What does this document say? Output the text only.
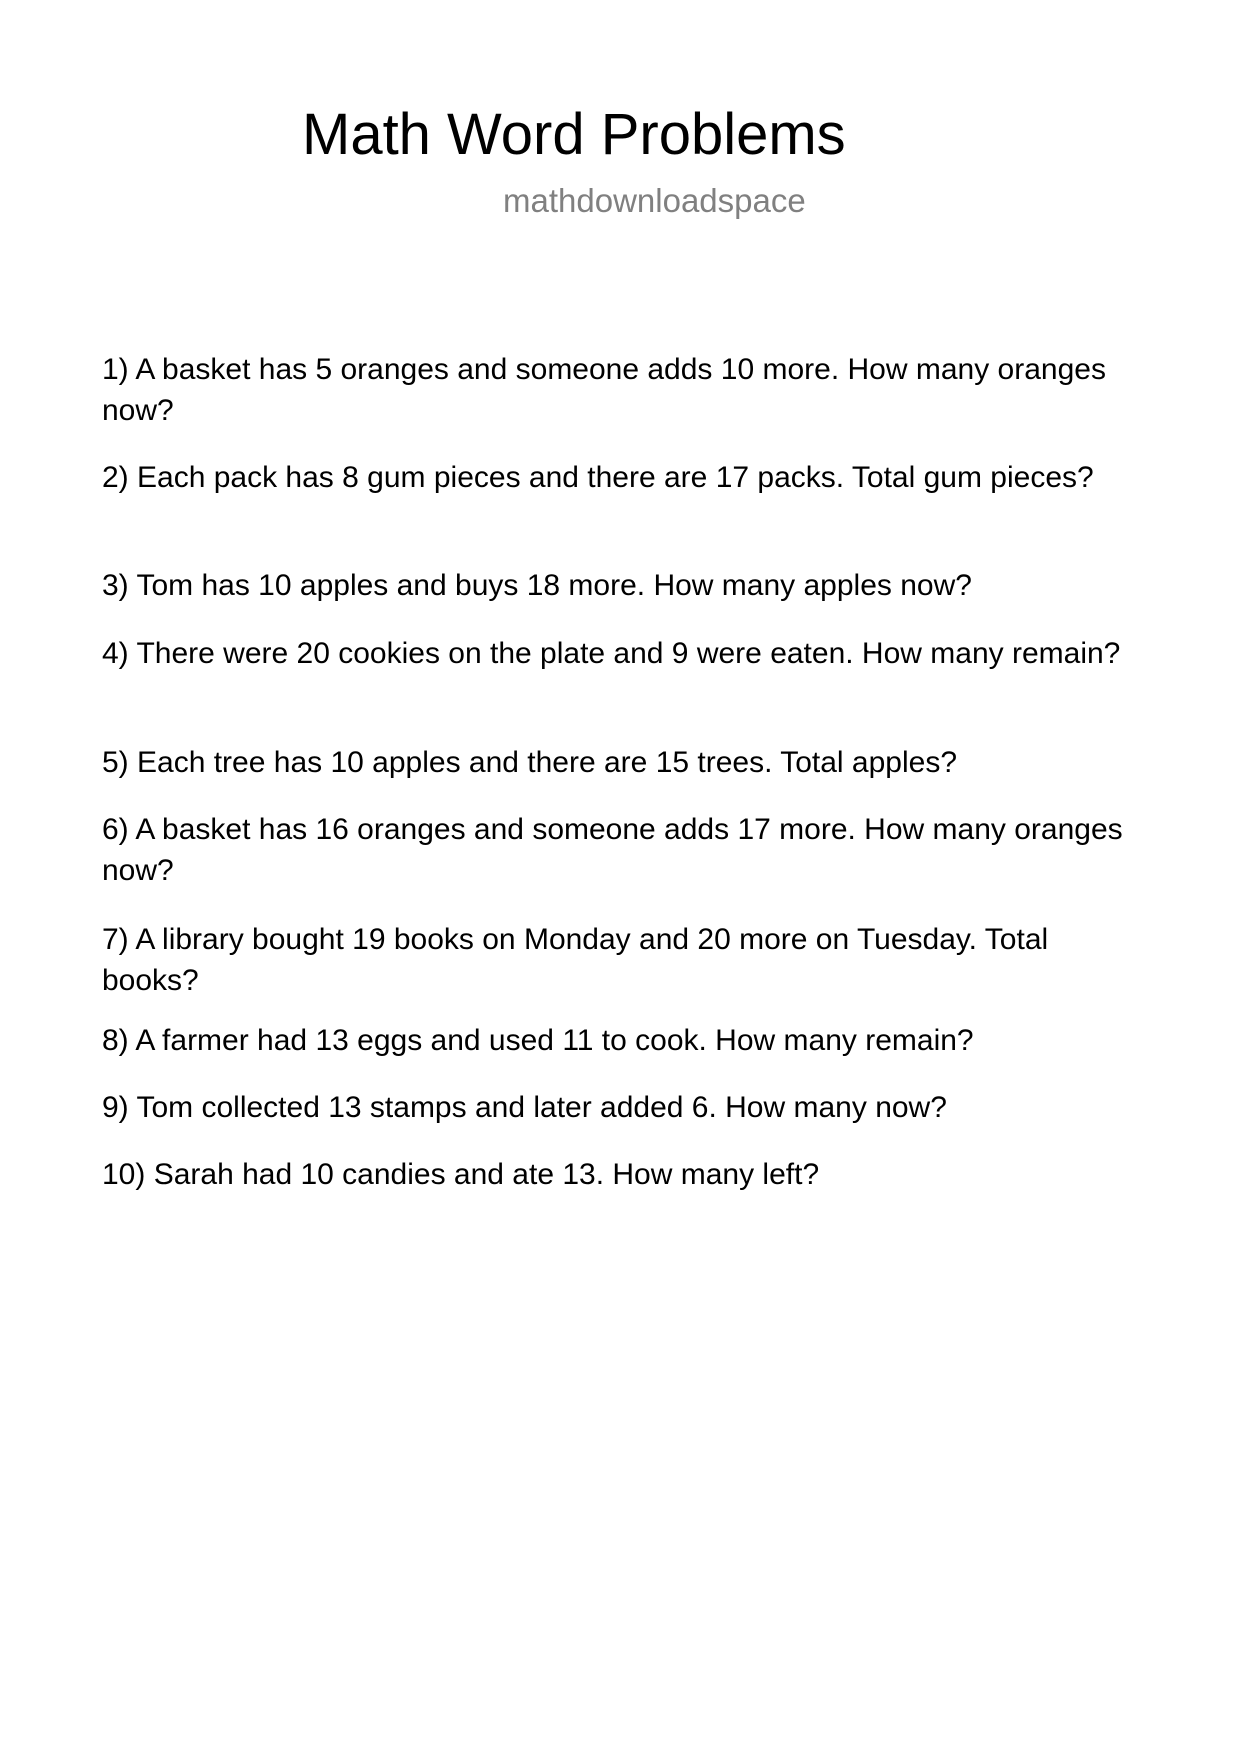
Math Word Problems
mathdownloadspace

1) A basket has 5 oranges and someone adds 10 more. How many oranges now?

2) Each pack has 8 gum pieces and there are 17 packs. Total gum pieces?

3) Tom has 10 apples and buys 18 more. How many apples now?

4) There were 20 cookies on the plate and 9 were eaten. How many remain?

5) Each tree has 10 apples and there are 15 trees. Total apples?

6) A basket has 16 oranges and someone adds 17 more. How many oranges now?

7) A library bought 19 books on Monday and 20 more on Tuesday. Total books?

8) A farmer had 13 eggs and used 11 to cook. How many remain?

9) Tom collected 13 stamps and later added 6. How many now?

10) Sarah had 10 candies and ate 13. How many left?
